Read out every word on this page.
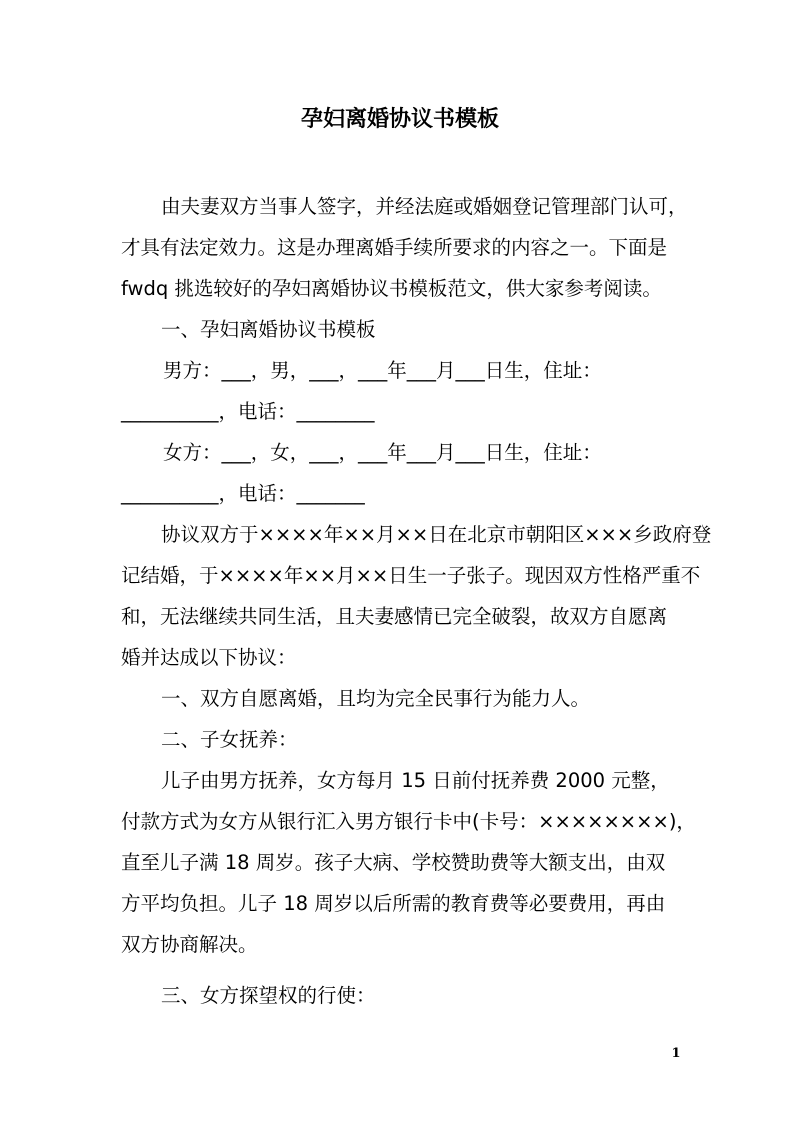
孕妇离婚协议书模板

由夫妻双方当事人签字，并经法庭或婚姻登记管理部门认可，

才具有法定效力。这是办理离婚手续所要求的内容之一。下面是

fwdq 挑选较好的孕妇离婚协议书模板范文，供大家参考阅读。

一、孕妇离婚协议书模板

男方：___，男，___，___年___月___日生，住址：

__________，电话：________

女方：___，女，___，___年___月___日生，住址：

__________，电话：_______

协议双方于××××年××月××日在北京市朝阳区×××乡政府登

记结婚，于××××年××月××日生一子张子。现因双方性格严重不

和，无法继续共同生活，且夫妻感情已完全破裂，故双方自愿离

婚并达成以下协议：

一、双方自愿离婚，且均为完全民事行为能力人。

二、子女抚养：

儿子由男方抚养，女方每月 15 日前付抚养费 2000 元整，

付款方式为女方从银行汇入男方银行卡中(卡号：××××××××)，

直至儿子满 18 周岁。孩子大病、学校赞助费等大额支出，由双

方平均负担。儿子 18 周岁以后所需的教育费等必要费用，再由

双方协商解决。

三、女方探望权的行使：

1
